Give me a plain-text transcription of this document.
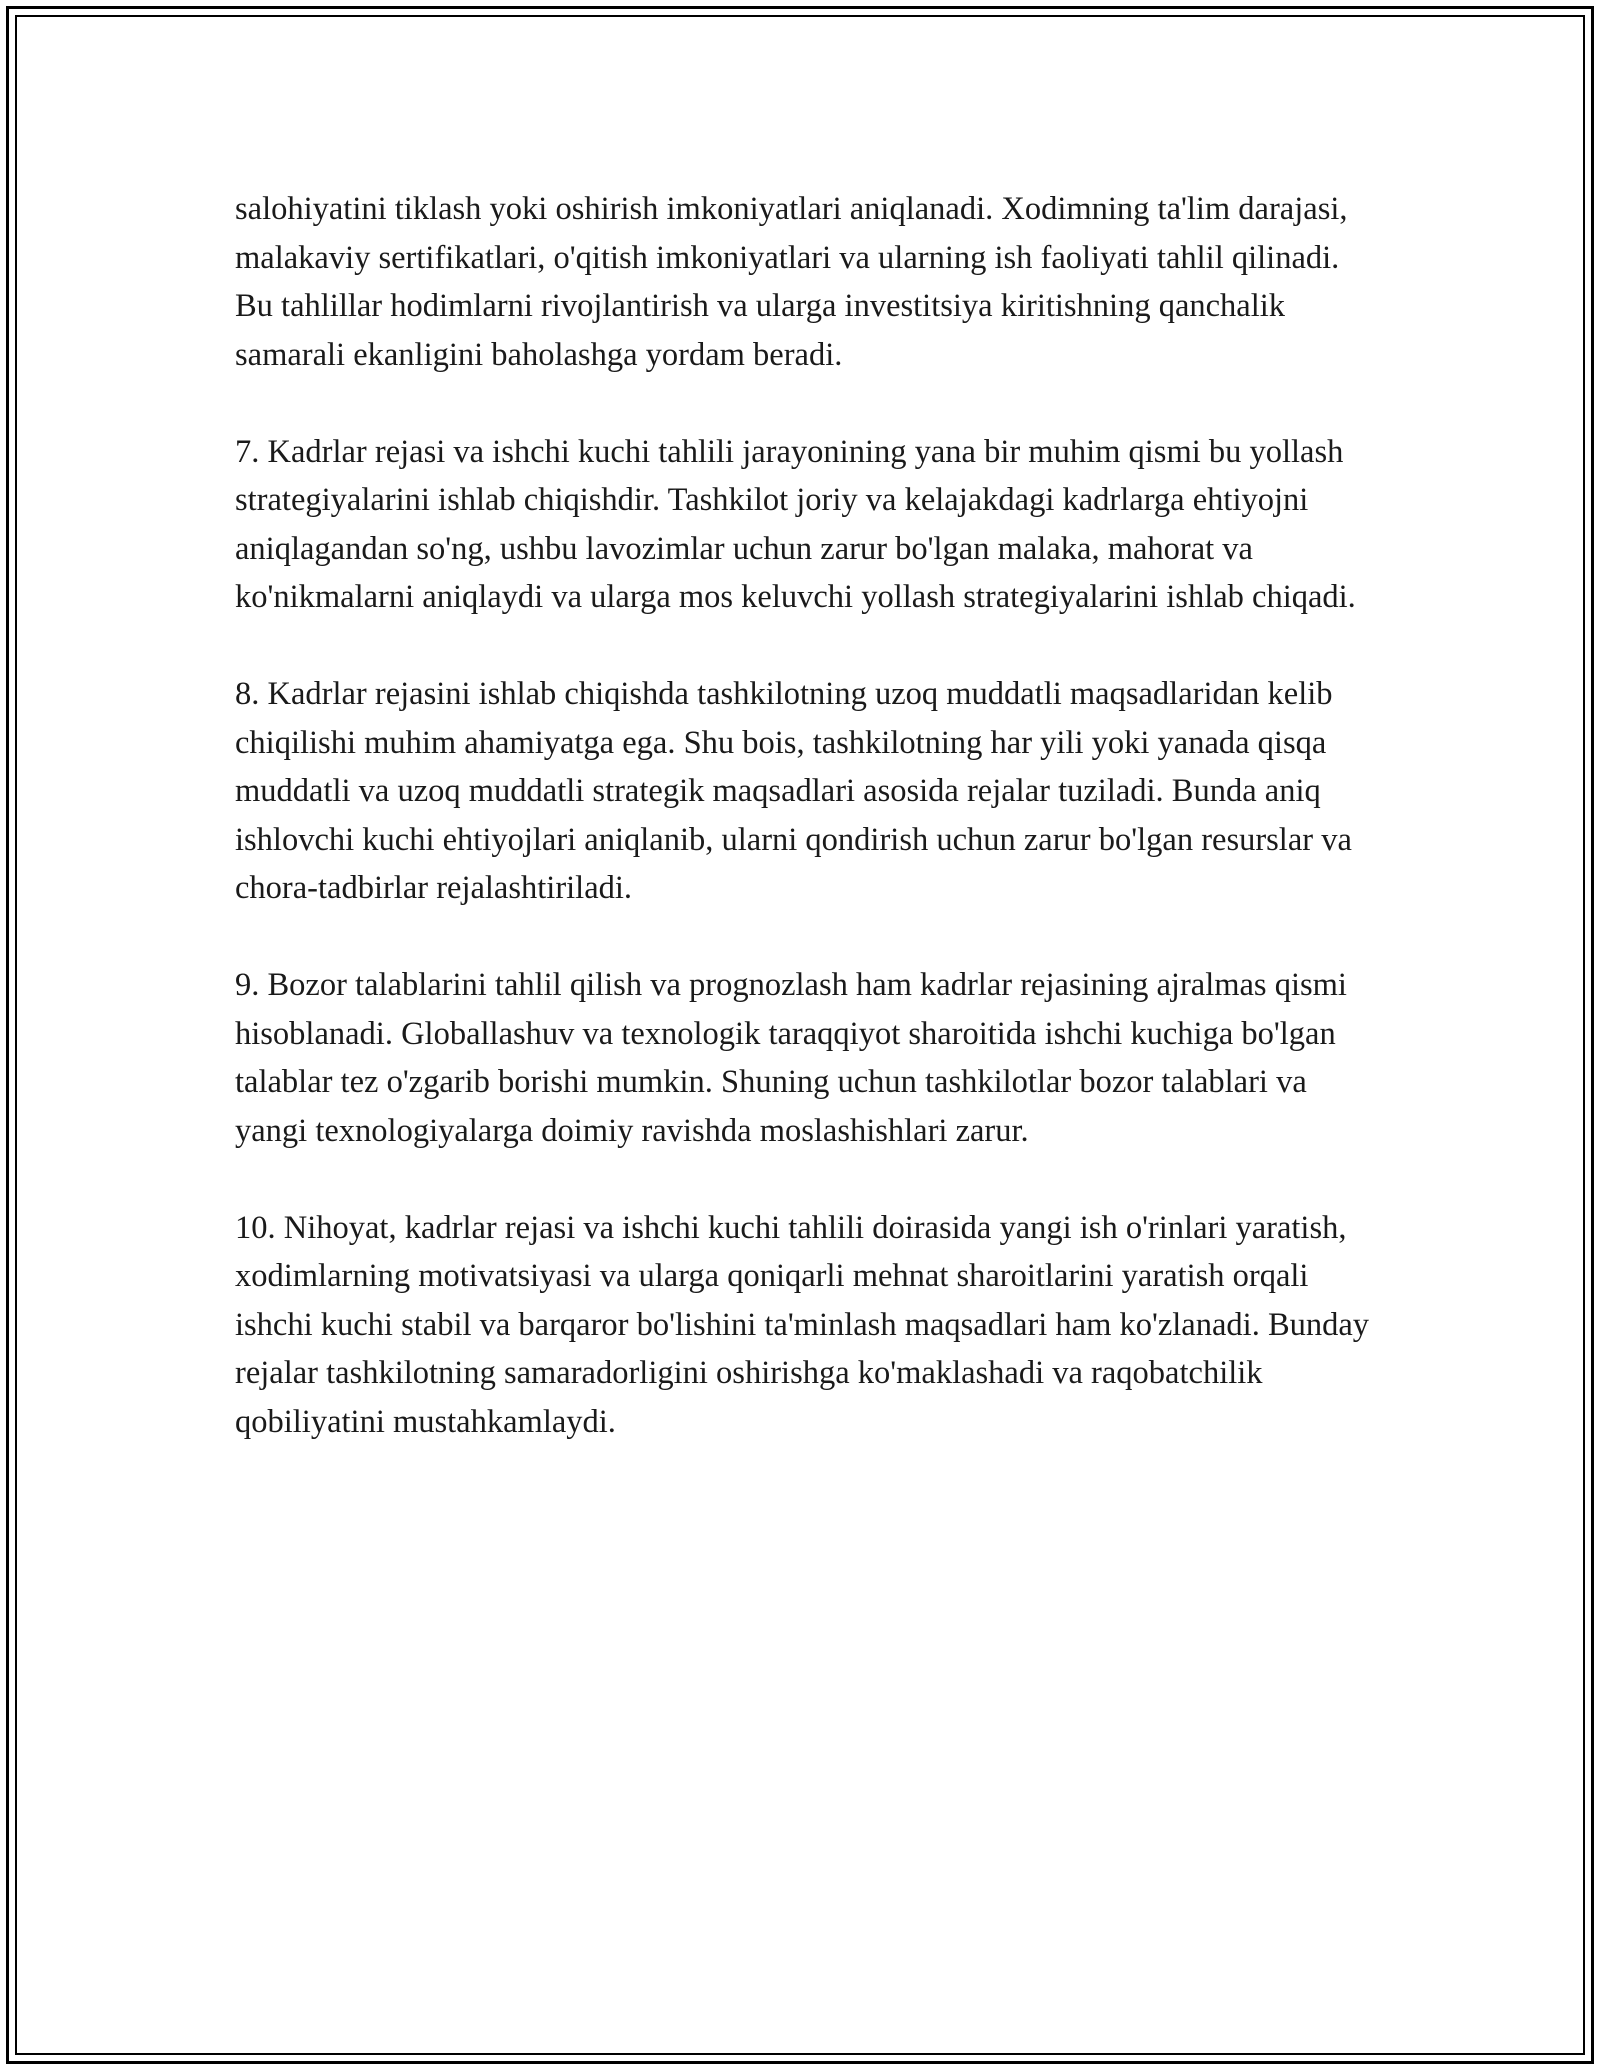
salohiyatini tiklash yoki oshirish imkoniyatlari aniqlanadi. Xodimning ta'lim darajasi, malakaviy sertifikatlari, o'qitish imkoniyatlari va ularning ish faoliyati tahlil qilinadi. Bu tahlillar hodimlarni rivojlantirish va ularga investitsiya kiritishning qanchalik samarali ekanligini baholashga yordam beradi.

7. Kadrlar rejasi va ishchi kuchi tahlili jarayonining yana bir muhim qismi bu yollash strategiyalarini ishlab chiqishdir. Tashkilot joriy va kelajakdagi kadrlarga ehtiyojni aniqlagandan so'ng, ushbu lavozimlar uchun zarur bo'lgan malaka, mahorat va ko'nikmalarni aniqlaydi va ularga mos keluvchi yollash strategiyalarini ishlab chiqadi.

8. Kadrlar rejasini ishlab chiqishda tashkilotning uzoq muddatli maqsadlaridan kelib chiqilishi muhim ahamiyatga ega. Shu bois, tashkilotning har yili yoki yanada qisqa muddatli va uzoq muddatli strategik maqsadlari asosida rejalar tuziladi. Bunda aniq ishlovchi kuchi ehtiyojlari aniqlanib, ularni qondirish uchun zarur bo'lgan resurslar va chora-tadbirlar rejalashtiriladi.

9. Bozor talablarini tahlil qilish va prognozlash ham kadrlar rejasining ajralmas qismi hisoblanadi. Globallashuv va texnologik taraqqiyot sharoitida ishchi kuchiga bo'lgan talablar tez o'zgarib borishi mumkin. Shuning uchun tashkilotlar bozor talablari va yangi texnologiyalarga doimiy ravishda moslashishlari zarur.

10. Nihoyat, kadrlar rejasi va ishchi kuchi tahlili doirasida yangi ish o'rinlari yaratish, xodimlarning motivatsiyasi va ularga qoniqarli mehnat sharoitlarini yaratish orqali ishchi kuchi stabil va barqaror bo'lishini ta'minlash maqsadlari ham ko'zlanadi. Bunday rejalar tashkilotning samaradorligini oshirishga ko'maklashadi va raqobatchilik qobiliyatini mustahkamlaydi.
